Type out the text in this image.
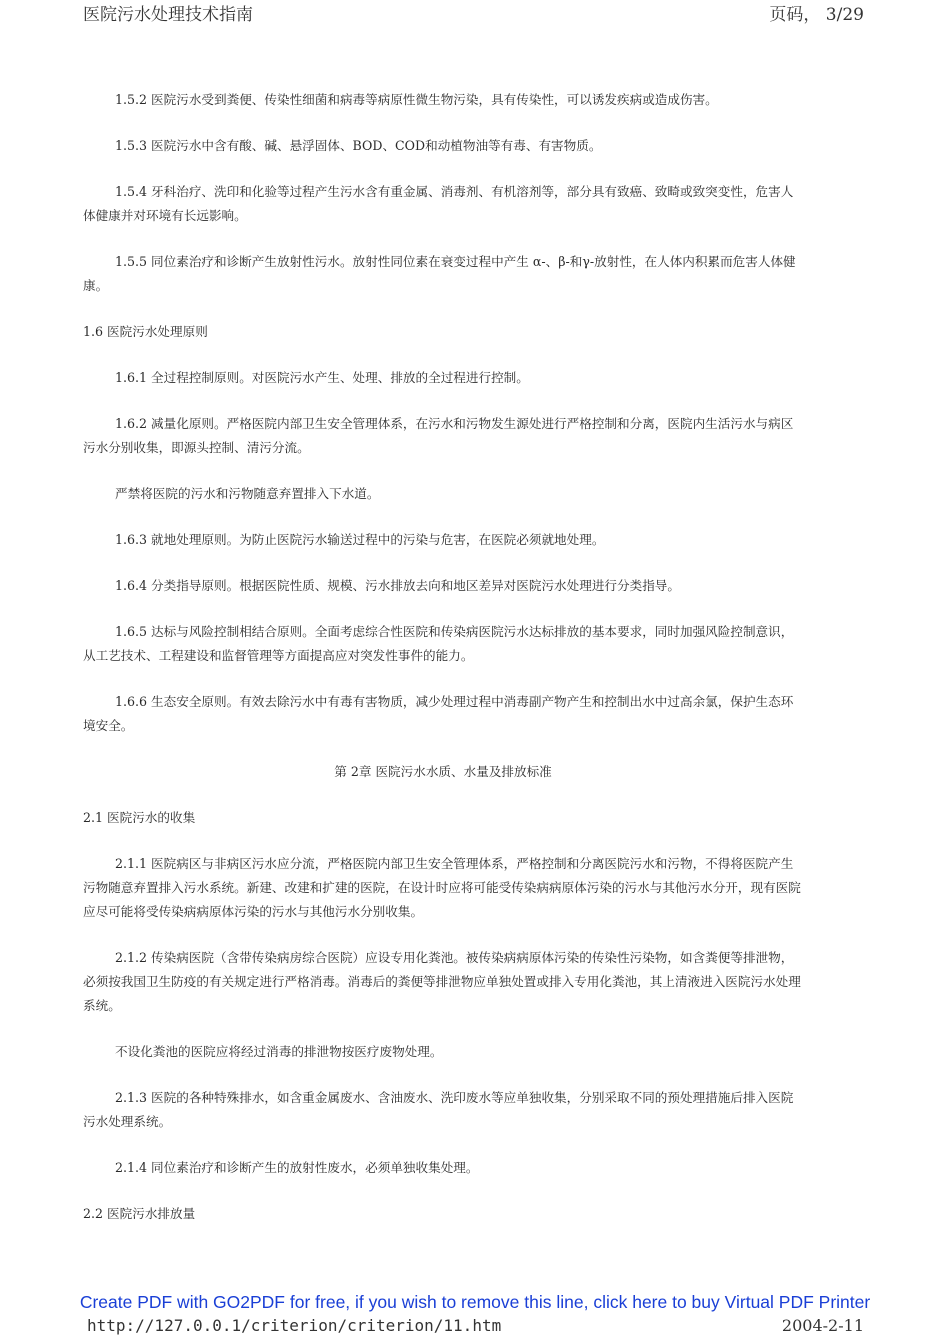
医院污水处理技术指南	页码， 3/29

1.5.2 医院污水受到粪便、传染性细菌和病毒等病原性微生物污染，具有传染性，可以诱发疾病或造成伤害。

1.5.3 医院污水中含有酸、碱、悬浮固体、BOD、COD和动植物油等有毒、有害物质。

1.5.4 牙科治疗、洗印和化验等过程产生污水含有重金属、消毒剂、有机溶剂等，部分具有致癌、致畸或致突变性，危害人体健康并对环境有长远影响。

1.5.5 同位素治疗和诊断产生放射性污水。放射性同位素在衰变过程中产生 α-、β-和γ-放射性，在人体内积累而危害人体健康。

1.6 医院污水处理原则

1.6.1 全过程控制原则。对医院污水产生、处理、排放的全过程进行控制。

1.6.2 减量化原则。严格医院内部卫生安全管理体系，在污水和污物发生源处进行严格控制和分离，医院内生活污水与病区污水分别收集，即源头控制、清污分流。

严禁将医院的污水和污物随意弃置排入下水道。

1.6.3 就地处理原则。为防止医院污水输送过程中的污染与危害，在医院必须就地处理。

1.6.4 分类指导原则。根据医院性质、规模、污水排放去向和地区差异对医院污水处理进行分类指导。

1.6.5 达标与风险控制相结合原则。全面考虑综合性医院和传染病医院污水达标排放的基本要求，同时加强风险控制意识，从工艺技术、工程建设和监督管理等方面提高应对突发性事件的能力。

1.6.6 生态安全原则。有效去除污水中有毒有害物质，减少处理过程中消毒副产物产生和控制出水中过高余氯，保护生态环境安全。

第 2章 医院污水水质、水量及排放标准

2.1 医院污水的收集

2.1.1 医院病区与非病区污水应分流，严格医院内部卫生安全管理体系，严格控制和分离医院污水和污物，不得将医院产生污物随意弃置排入污水系统。新建、改建和扩建的医院，在设计时应将可能受传染病病原体污染的污水与其他污水分开，现有医院应尽可能将受传染病病原体污染的污水与其他污水分别收集。

2.1.2 传染病医院（含带传染病房综合医院）应设专用化粪池。被传染病病原体污染的传染性污染物，如含粪便等排泄物，必须按我国卫生防疫的有关规定进行严格消毒。消毒后的粪便等排泄物应单独处置或排入专用化粪池，其上清液进入医院污水处理系统。

不设化粪池的医院应将经过消毒的排泄物按医疗废物处理。

2.1.3 医院的各种特殊排水，如含重金属废水、含油废水、洗印废水等应单独收集，分别采取不同的预处理措施后排入医院污水处理系统。

2.1.4 同位素治疗和诊断产生的放射性废水，必须单独收集处理。

2.2 医院污水排放量

Create PDF with GO2PDF for free, if you wish to remove this line, click here to buy Virtual PDF Printer
http://127.0.0.1/criterion/criterion/11.htm	2004-2-11
